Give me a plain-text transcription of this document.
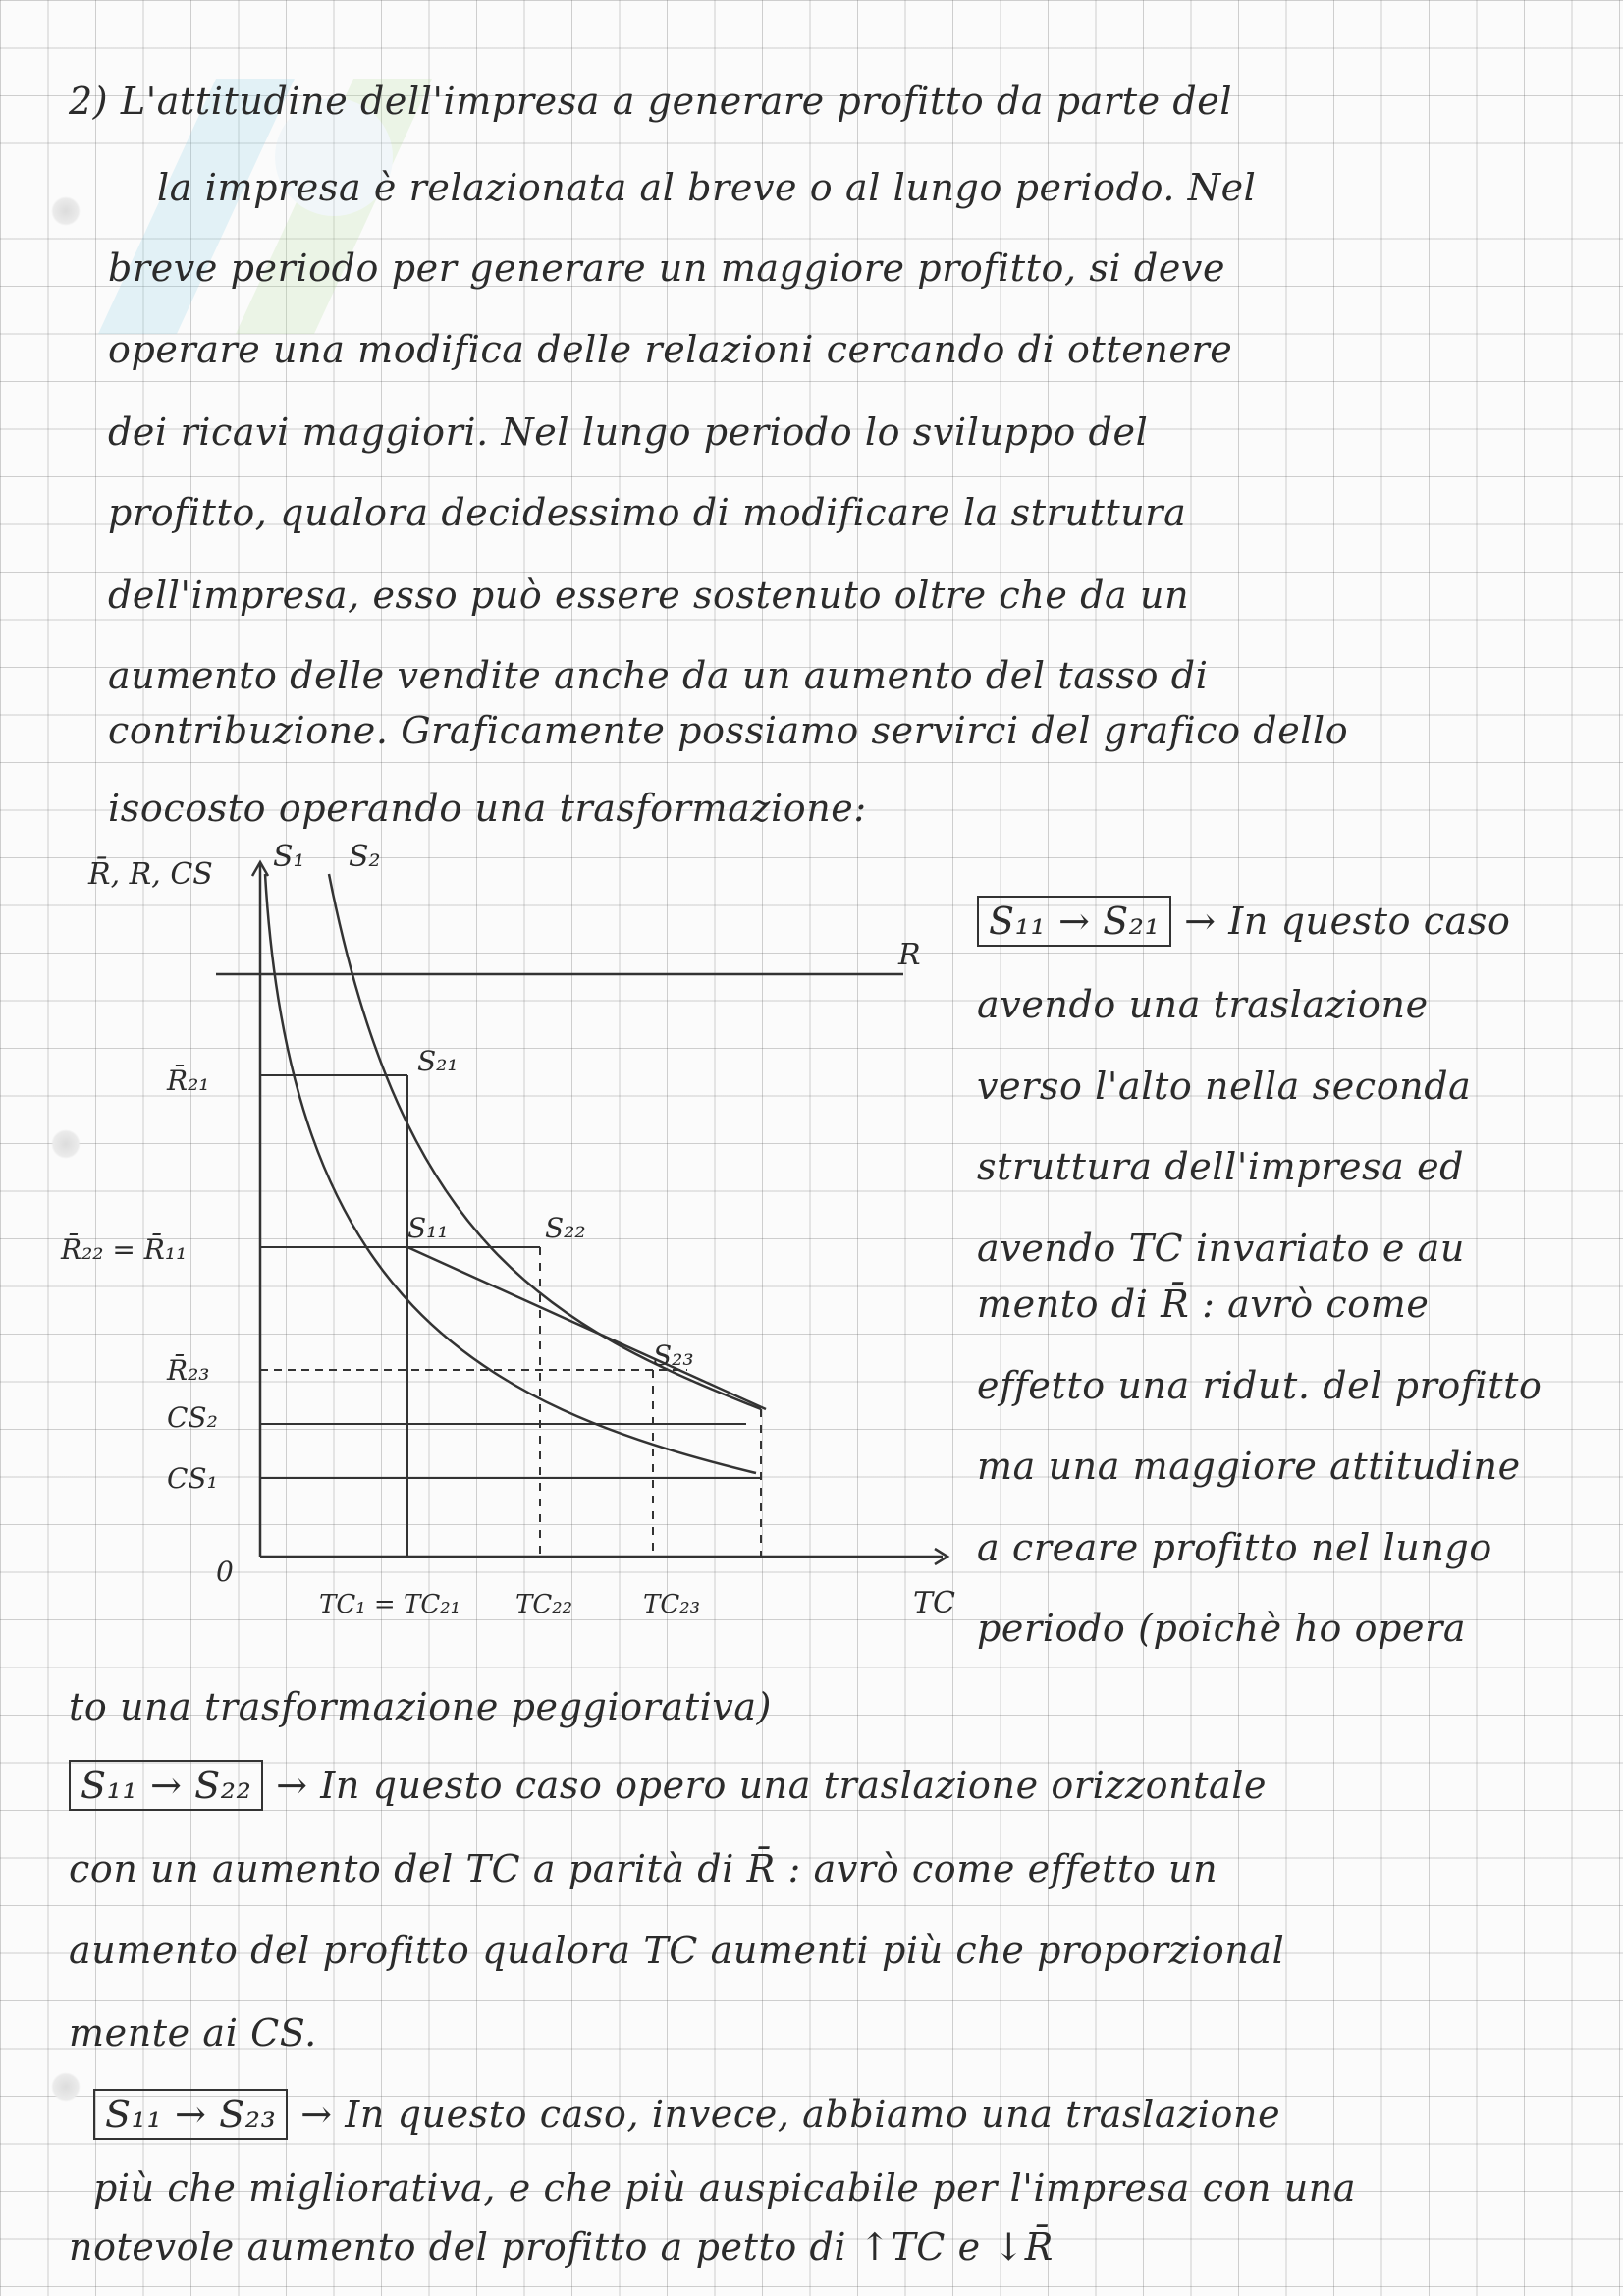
2) L'attitudine dell'impresa a generare profitto da parte del
la impresa è relazionata al breve o al lungo periodo. Nel
breve periodo per generare un maggiore profitto, si deve
operare una modifica delle relazioni cercando di ottenere
dei ricavi maggiori. Nel lungo periodo lo sviluppo del
profitto, qualora decidessimo di modificare la struttura
dell'impresa, esso può essere sostenuto oltre che da un
aumento delle vendite anche da un aumento del tasso di
contribuzione. Graficamente possiamo servirci del grafico dello
isocosto operando una trasformazione:
R̄, R, CS
TC
S₁ S₂
R
S₂₁
S₁₁	S₂₂
S₂₃
R̄₂₁
R̄₂₂ = R̄₁₁
R̄₂₃
CS₂
CS₁
0
TC₁ = TC₂₁ TC₂₂	TC₂₃
S₁₁ → S₂₁ → In questo caso
avendo una traslazione
verso l'alto nella seconda
struttura dell'impresa ed
avendo TC invariato e au
mento di R̄ : avrò come
effetto una ridut. del profitto
ma una maggiore attitudine
a creare profitto nel lungo
periodo (poichè ho opera
to una trasformazione peggiorativa)
S₁₁ → S₂₂ → In questo caso opero una traslazione orizzontale
con un aumento del TC a parità di R̄ : avrò come effetto un
aumento del profitto qualora TC aumenti più che proporzional
mente ai CS.
S₁₁ → S₂₃ → In questo caso, invece, abbiamo una traslazione
più che migliorativa, e che più auspicabile per l'impresa con una
notevole aumento del profitto a petto di ↑TC e ↓R̄
